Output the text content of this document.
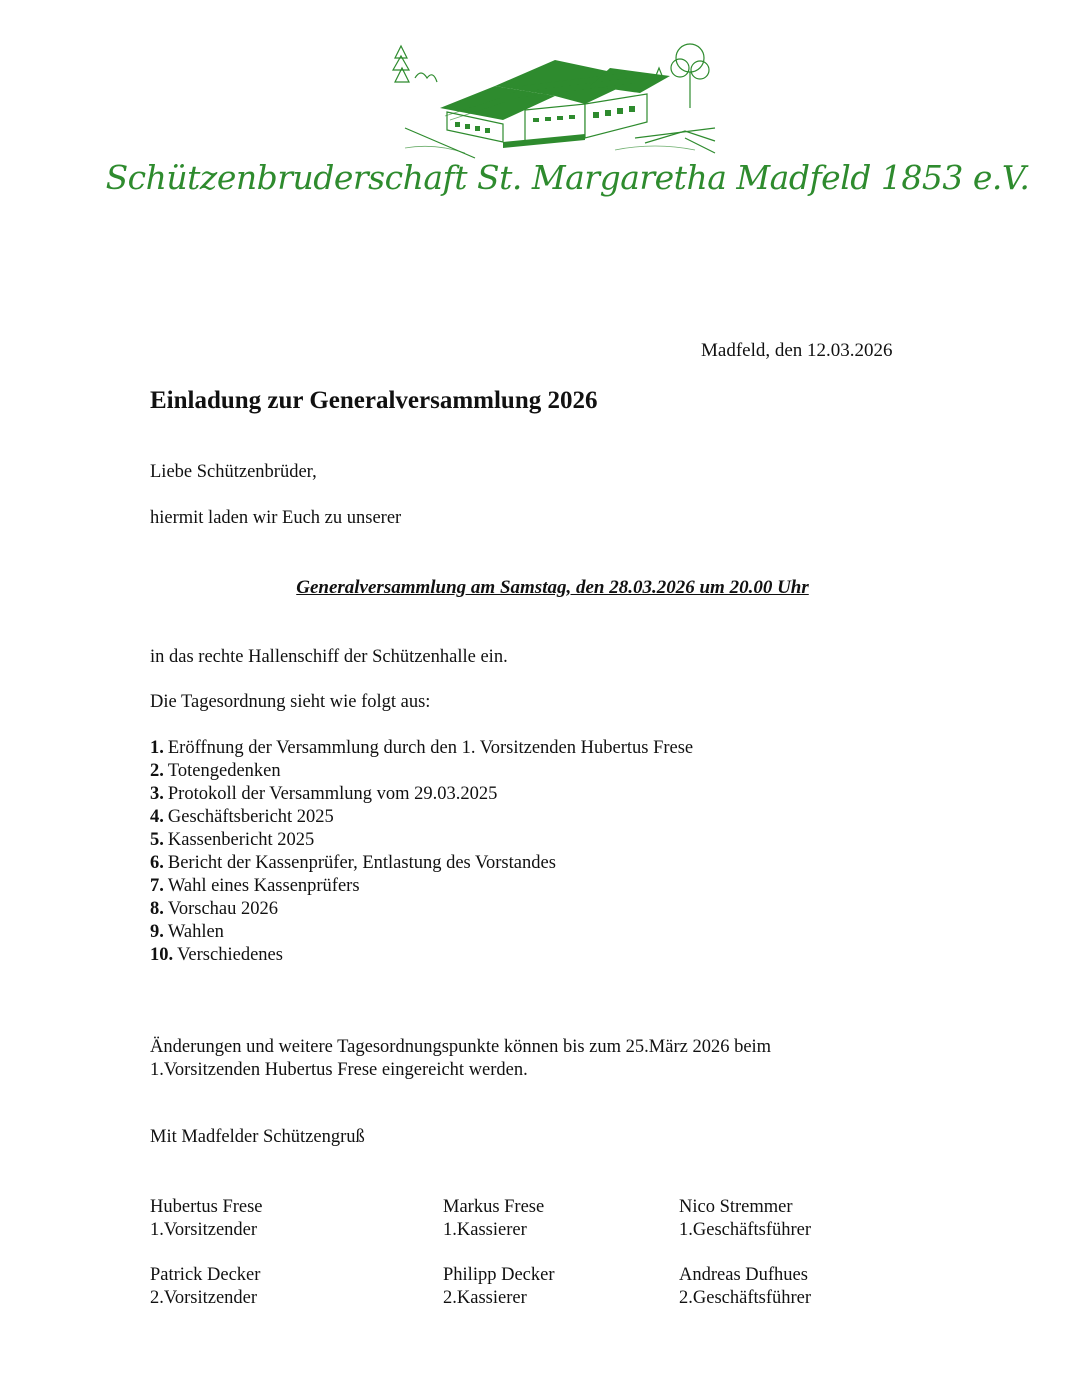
Schützenbruderschaft St. Margaretha Madfeld 1853 e.V.
Madfeld, den 12.03.2026
Einladung zur Generalversammlung 2026
Liebe Schützenbrüder,
hiermit laden wir Euch zu unserer
Generalversammlung am Samstag, den 28.03.2026 um 20.00 Uhr
in das rechte Hallenschiff der Schützenhalle ein.
Die Tagesordnung sieht wie folgt aus:
1. Eröffnung der Versammlung durch den 1. Vorsitzenden Hubertus Frese
2. Totengedenken
3. Protokoll der Versammlung vom 29.03.2025
4. Geschäftsbericht 2025
5. Kassenbericht 2025
6. Bericht der Kassenprüfer, Entlastung des Vorstandes
7. Wahl eines Kassenprüfers
8. Vorschau 2026
9. Wahlen
10. Verschiedenes
Änderungen und weitere Tagesordnungspunkte können bis zum 25.März 2026 beim
1.Vorsitzenden Hubertus Frese eingereicht werden.
Mit Madfelder Schützengruß
Hubertus Frese
1.Vorsitzender
Markus Frese
1.Kassierer
Nico Stremmer
1.Geschäftsführer
Patrick Decker
2.Vorsitzender
Philipp Decker
2.Kassierer
Andreas Dufhues
2.Geschäftsführer
